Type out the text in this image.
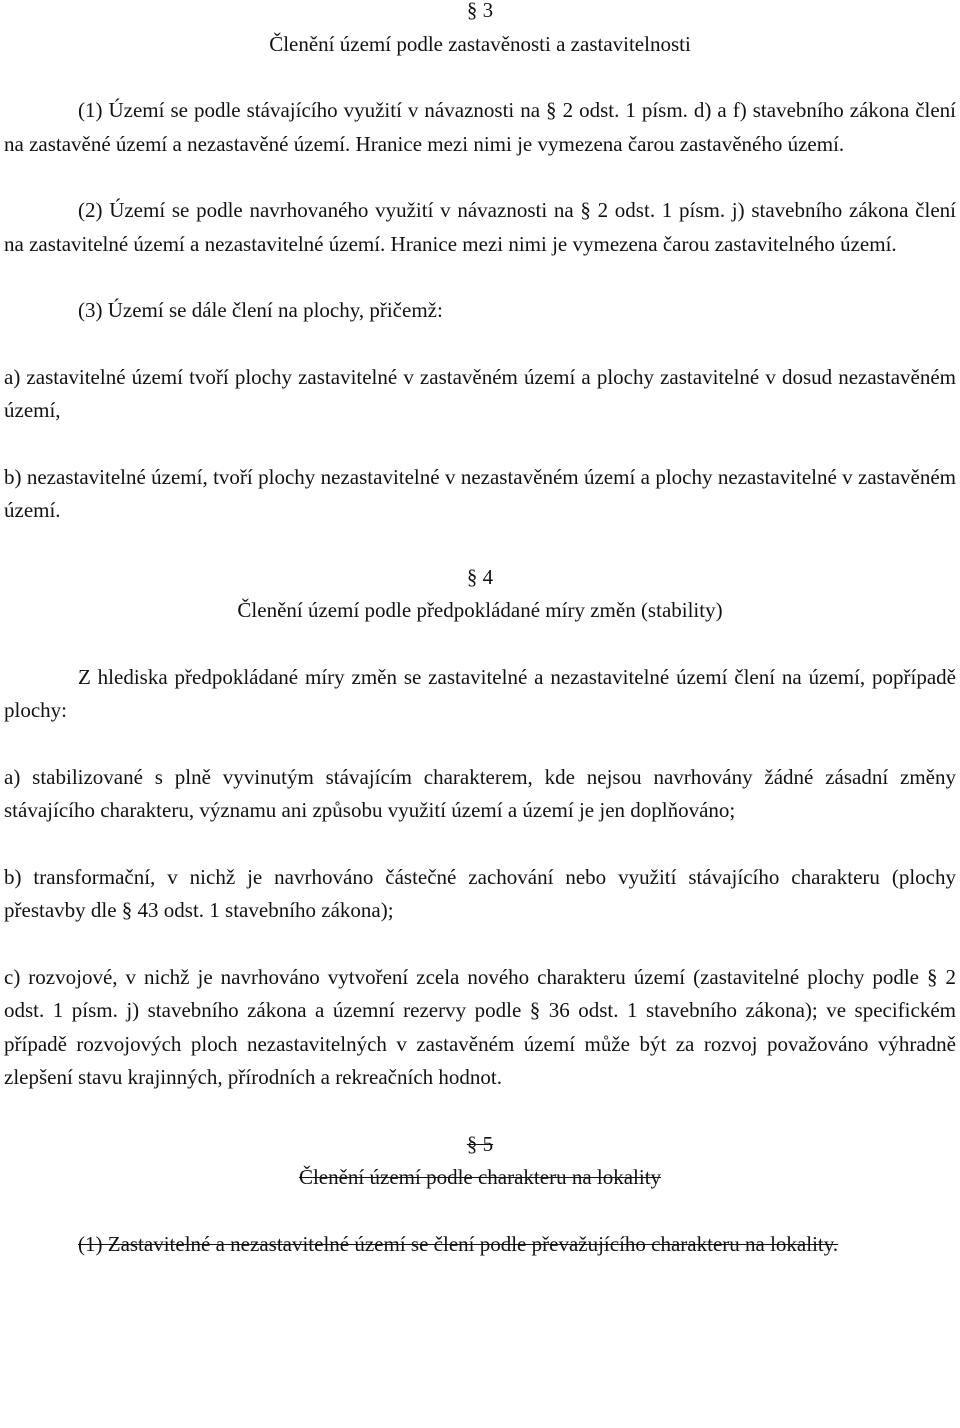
§ 3

Členění území podle zastavěnosti a zastavitelnosti

(1) Území se podle stávajícího využití v návaznosti na § 2 odst. 1 písm. d) a f) stavebního zákona člení na zastavěné území a nezastavěné území. Hranice mezi nimi je vymezena čarou zastavěného území.

(2) Území se podle navrhovaného využití v návaznosti na § 2 odst. 1 písm. j) stavebního zákona člení na zastavitelné území a nezastavitelné území. Hranice mezi nimi je vymezena čarou zastavitelného území.

(3) Území se dále člení na plochy, přičemž:

a) zastavitelné území tvoří plochy zastavitelné v zastavěném území a plochy zastavitelné v dosud nezastavěném území,

b) nezastavitelné území, tvoří plochy nezastavitelné v nezastavěném území a plochy nezastavitelné v zastavěném území.

§ 4

Členění území podle předpokládané míry změn (stability)

Z hlediska předpokládané míry změn se zastavitelné a nezastavitelné území člení na území, popřípadě plochy:

a) stabilizované s plně vyvinutým stávajícím charakterem, kde nejsou navrhovány žádné zásadní změny stávajícího charakteru, významu ani způsobu využití území a území je jen doplňováno;

b) transformační, v nichž je navrhováno částečné zachování nebo využití stávajícího charakteru (plochy přestavby dle § 43 odst. 1 stavebního zákona);

c) rozvojové, v nichž je navrhováno vytvoření zcela nového charakteru území (zastavitelné plochy podle § 2 odst. 1 písm. j) stavebního zákona a územní rezervy podle § 36 odst. 1 stavebního zákona); ve specifickém případě rozvojových ploch nezastavitelných v zastavěném území může být za rozvoj považováno výhradně zlepšení stavu krajinných, přírodních a rekreačních hodnot.

§ 5

Členění území podle charakteru na lokality

(1) Zastavitelné a nezastavitelné území se člení podle převažujícího charakteru na lokality.
